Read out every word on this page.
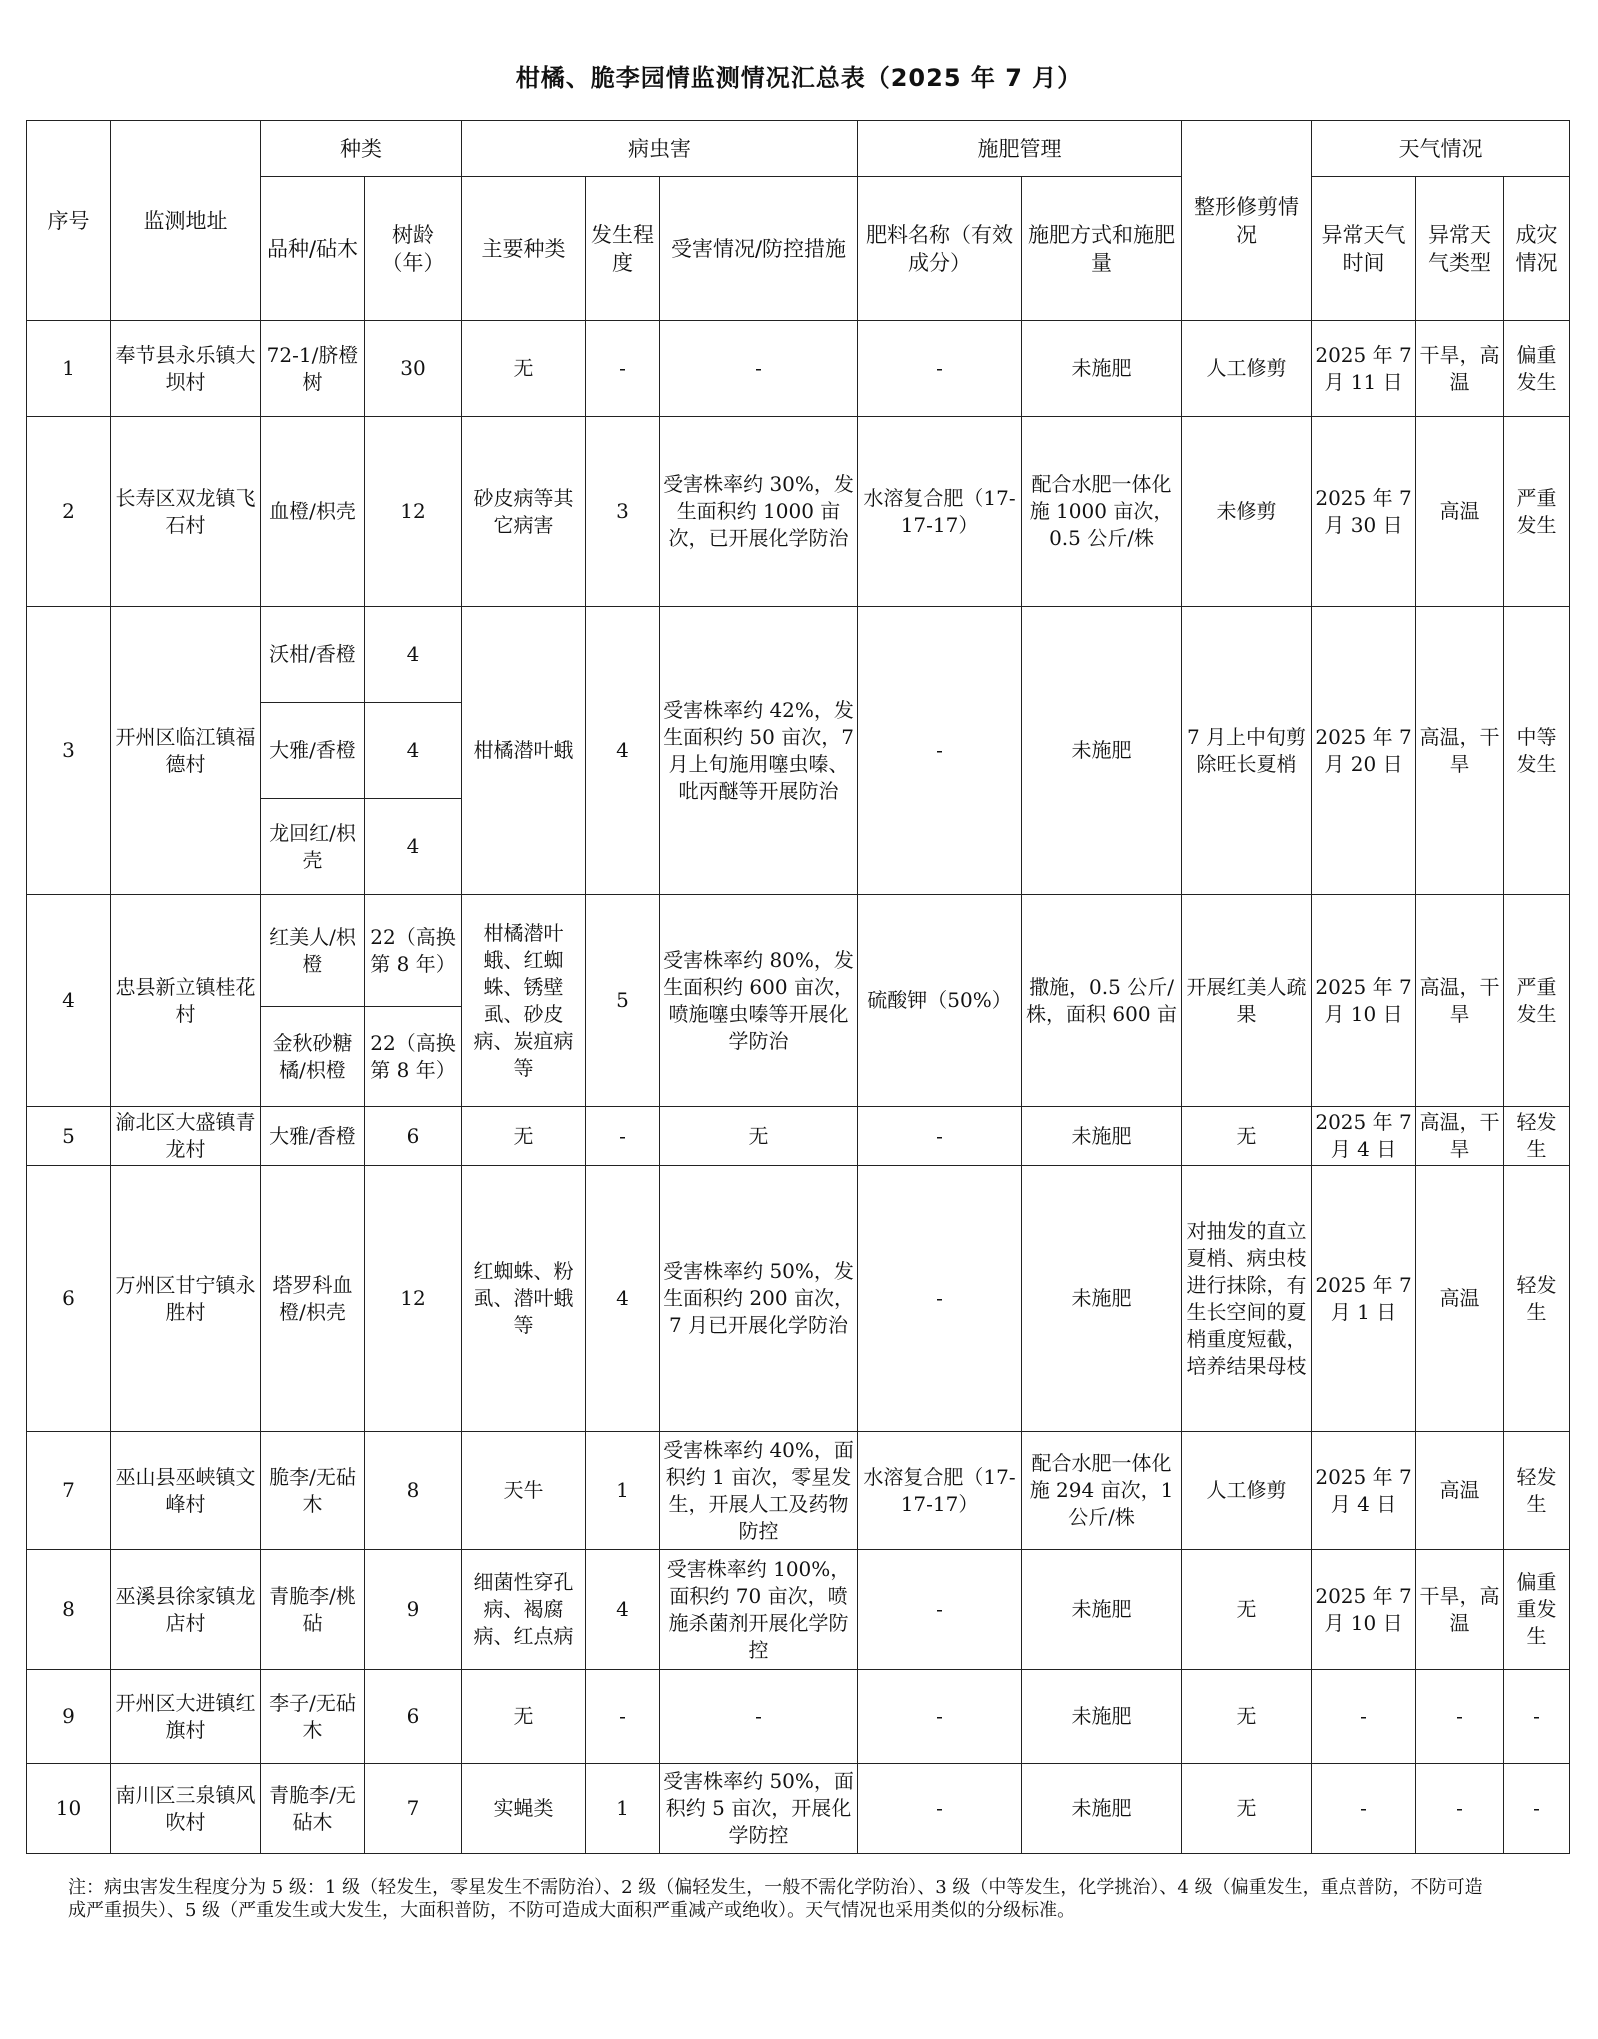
柑橘、脆李园情监测情况汇总表（2025 年 7 月）
序号	监测地址	种类		病虫害			施肥管理		整形修剪情况	天气情况		
		品种/砧木	树龄（年）	主要种类	发生程度	受害情况/防控措施	肥料名称（有效成分）	施肥方式和施肥量		异常天气时间	异常天气类型	成灾情况
1	奉节县永乐镇大坝村	72-1/脐橙树	30	无	-	-	-	未施肥	人工修剪	2025 年 7 月 11 日	干旱，高温	偏重发生
2	长寿区双龙镇飞石村	血橙/枳壳	12	砂皮病等其它病害	3	受害株率约 30%，发生面积约 1000 亩次，已开展化学防治	水溶复合肥（17-17-17）	配合水肥一体化施 1000 亩次，0.5 公斤/株	未修剪	2025 年 7 月 30 日	高温	严重发生
3	开州区临江镇福德村	沃柑/香橙	4	柑橘潜叶蛾	4	受害株率约 42%，发生面积约 50 亩次，7 月上旬施用噻虫嗪、吡丙醚等开展防治	-	未施肥	7 月上中旬剪除旺长夏梢	2025 年 7 月 20 日	高温，干旱	中等发生
		大雅/香橙	4									
		龙回红/枳壳	4									
4	忠县新立镇桂花村	红美人/枳橙	22（高换第 8 年）	柑橘潜叶蛾、红蜘蛛、锈壁虱、砂皮病、炭疽病等	5	受害株率约 80%，发生面积约 600 亩次，喷施噻虫嗪等开展化学防治	硫酸钾（50%）	撒施，0.5 公斤/株，面积 600 亩	开展红美人疏果	2025 年 7 月 10 日	高温，干旱	严重发生
		金秋砂糖橘/枳橙	22（高换第 8 年）									
5	渝北区大盛镇青龙村	大雅/香橙	6	无	-	无	-	未施肥	无	2025 年 7 月 4 日	高温，干旱	轻发生
6	万州区甘宁镇永胜村	塔罗科血橙/枳壳	12	红蜘蛛、粉虱、潜叶蛾等	4	受害株率约 50%，发生面积约 200 亩次，7 月已开展化学防治	-	未施肥	对抽发的直立夏梢、病虫枝进行抹除，有生长空间的夏梢重度短截，培养结果母枝	2025 年 7 月 1 日	高温	轻发生
7	巫山县巫峡镇文峰村	脆李/无砧木	8	天牛	1	受害株率约 40%，面积约 1 亩次，零星发生，开展人工及药物防控	水溶复合肥（17-17-17）	配合水肥一体化施 294 亩次，1 公斤/株	人工修剪	2025 年 7 月 4 日	高温	轻发生
8	巫溪县徐家镇龙店村	青脆李/桃砧	9	细菌性穿孔病、褐腐病、红点病	4	受害株率约 100%，面积约 70 亩次，喷施杀菌剂开展化学防控	-	未施肥	无	2025 年 7 月 10 日	干旱，高温	偏重重发生
9	开州区大进镇红旗村	李子/无砧木	6	无	-	-	-	未施肥	无	-	-	-
10	南川区三泉镇风吹村	青脆李/无砧木	7	实蝇类	1	受害株率约 50%，面积约 5 亩次，开展化学防控	-	未施肥	无	-	-	-
注：病虫害发生程度分为 5 级：1 级（轻发生，零星发生不需防治）、2 级（偏轻发生，一般不需化学防治）、3 级（中等发生，化学挑治）、4 级（偏重发生，重点普防，不防可造成严重损失）、5 级（严重发生或大发生，大面积普防，不防可造成大面积严重减产或绝收）。天气情况也采用类似的分级标准。
